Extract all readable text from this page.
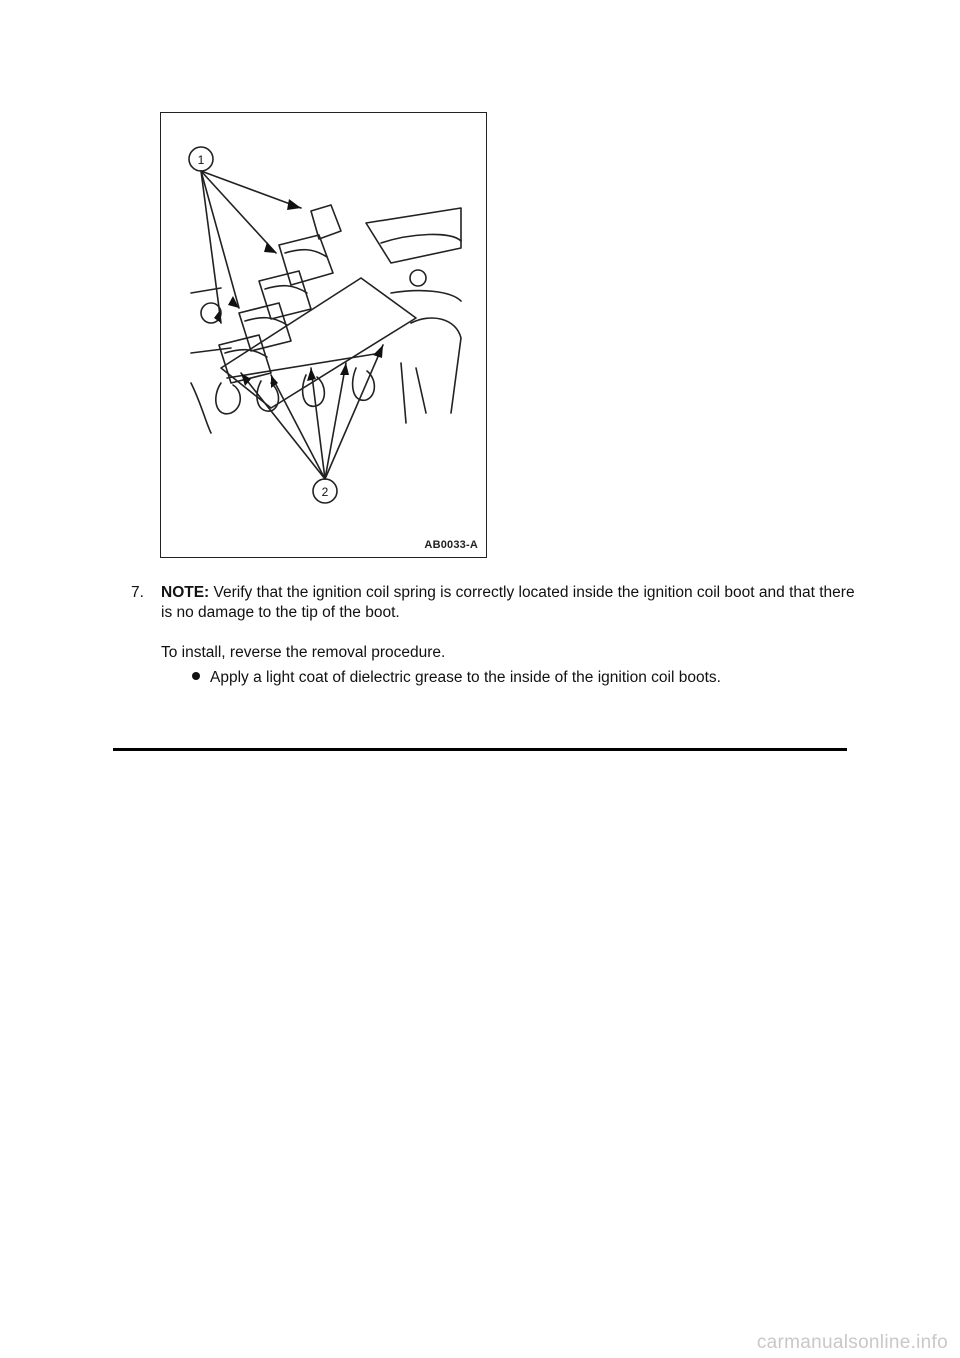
1
2
AB0033-A
7. NOTE: Verify that the ignition coil spring is correctly located inside the ignition coil boot and that there is no damage to the tip of the boot.
To install, reverse the removal procedure.
Apply a light coat of dielectric grease to the inside of the ignition coil boots.
carmanualsonline.info
